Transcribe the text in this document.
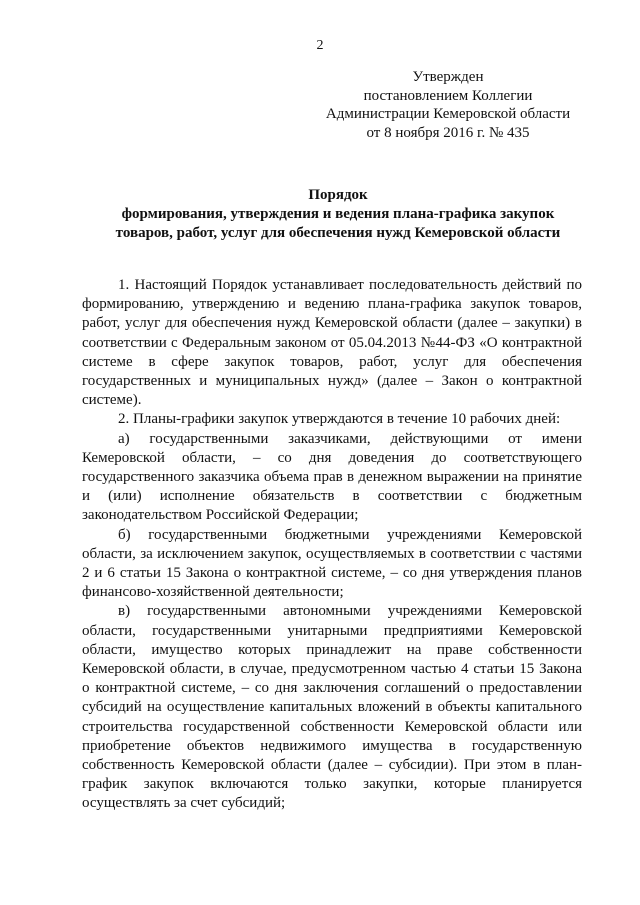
2
Утвержден
постановлением Коллегии
Администрации Кемеровской области
от 8 ноября 2016 г. № 435
Порядок
формирования, утверждения и ведения плана-графика закупок
товаров, работ, услуг для обеспечения нужд Кемеровской области

1. Настоящий Порядок устанавливает последовательность действий по формированию, утверждению и ведению плана-графика закупок товаров, работ, услуг для обеспечения нужд Кемеровской области (далее – закупки) в соответствии с Федеральным законом от 05.04.2013 №44-ФЗ «О контрактной системе в сфере закупок товаров, работ, услуг для обеспечения государственных и муниципальных нужд» (далее – Закон о контрактной системе).

2. Планы-графики закупок утверждаются в течение 10 рабочих дней:

а) государственными заказчиками, действующими от имени Кемеровской области, – со дня доведения до соответствующего государственного заказчика объема прав в денежном выражении на принятие и (или) исполнение обязательств в соответствии с бюджетным законодательством Российской Федерации;

б) государственными бюджетными учреждениями Кемеровской области, за исключением закупок, осуществляемых в соответствии с частями 2 и 6 статьи 15 Закона о контрактной системе, – со дня утверждения планов финансово-хозяйственной деятельности;

в) государственными автономными учреждениями Кемеровской области, государственными унитарными предприятиями Кемеровской области, имущество которых принадлежит на праве собственности Кемеровской области, в случае, предусмотренном частью 4 статьи 15 Закона о контрактной системе, – со дня заключения соглашений о предоставлении субсидий на осуществление капитальных вложений в объекты капитального строительства государственной собственности Кемеровской области или приобретение объектов недвижимого имущества в государственную собственность Кемеровской области (далее – субсидии). При этом в план-график закупок включаются только закупки, которые планируется осуществлять за счет субсидий;
